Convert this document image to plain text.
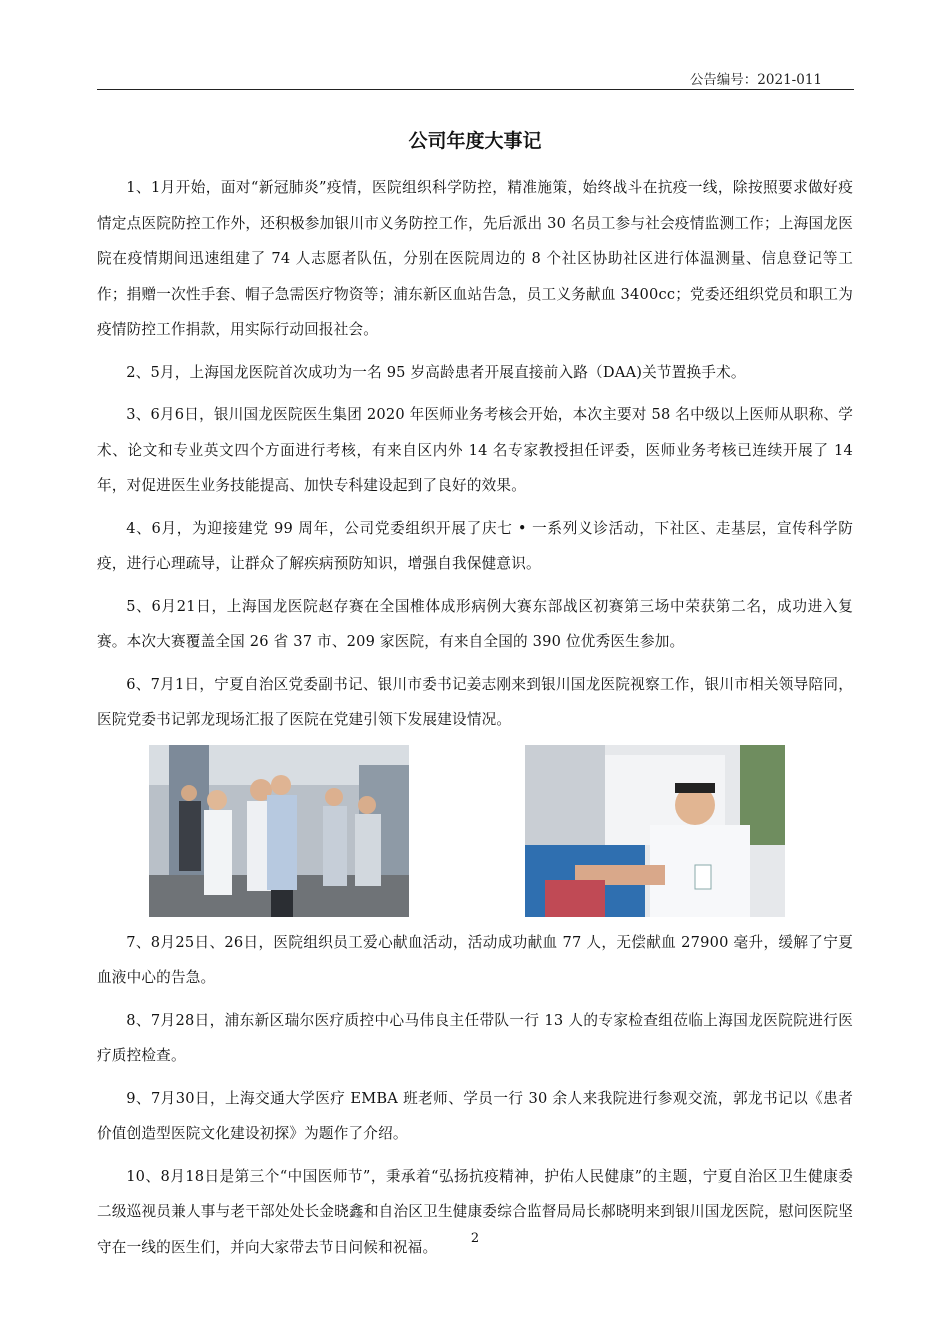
公告编号：2021-011
公司年度大事记

1、1月开始，面对“新冠肺炎”疫情，医院组织科学防控，精准施策，始终战斗在抗疫一线，除按照要求做好疫情定点医院防控工作外，还积极参加银川市义务防控工作，先后派出 30 名员工参与社会疫情监测工作；上海国龙医院在疫情期间迅速组建了 74 人志愿者队伍，分别在医院周边的 8 个社区协助社区进行体温测量、信息登记等工作；捐赠一次性手套、帽子急需医疗物资等；浦东新区血站告急，员工义务献血 3400cc；党委还组织党员和职工为疫情防控工作捐款，用实际行动回报社会。

2、5月，上海国龙医院首次成功为一名 95 岁高龄患者开展直接前入路（DAA)关节置换手术。

3、6月6日，银川国龙医院医生集团 2020 年医师业务考核会开始，本次主要对 58 名中级以上医师从职称、学术、论文和专业英文四个方面进行考核，有来自区内外 14 名专家教授担任评委，医师业务考核已连续开展了 14 年，对促进医生业务技能提高、加快专科建设起到了良好的效果。

4、6月，为迎接建党 99 周年，公司党委组织开展了庆七 • 一系列义诊活动，下社区、走基层，宣传科学防疫，进行心理疏导，让群众了解疾病预防知识，增强自我保健意识。

5、6月21日，上海国龙医院赵存赛在全国椎体成形病例大赛东部战区初赛第三场中荣获第二名，成功进入复赛。本次大赛覆盖全国 26 省 37 市、209 家医院，有来自全国的 390 位优秀医生参加。

6、7月1日，宁夏自治区党委副书记、银川市委书记姜志刚来到银川国龙医院视察工作，银川市相关领导陪同，医院党委书记郭龙现场汇报了医院在党建引领下发展建设情况。

7、8月25日、26日，医院组织员工爱心献血活动，活动成功献血 77 人，无偿献血 27900 毫升，缓解了宁夏血液中心的告急。

8、7月28日，浦东新区瑞尔医疗质控中心马伟良主任带队一行 13 人的专家检查组莅临上海国龙医院院进行医疗质控检查。

9、7月30日，上海交通大学医疗 EMBA 班老师、学员一行 30 余人来我院进行参观交流，郭龙书记以《患者价值创造型医院文化建设初探》为题作了介绍。

10、8月18日是第三个“中国医师节”，秉承着“弘扬抗疫精神，护佑人民健康”的主题，宁夏自治区卫生健康委二级巡视员兼人事与老干部处处长金晓鑫和自治区卫生健康委综合监督局局长郝晓明来到银川国龙医院，慰问医院坚守在一线的医生们，并向大家带去节日问候和祝福。	2
